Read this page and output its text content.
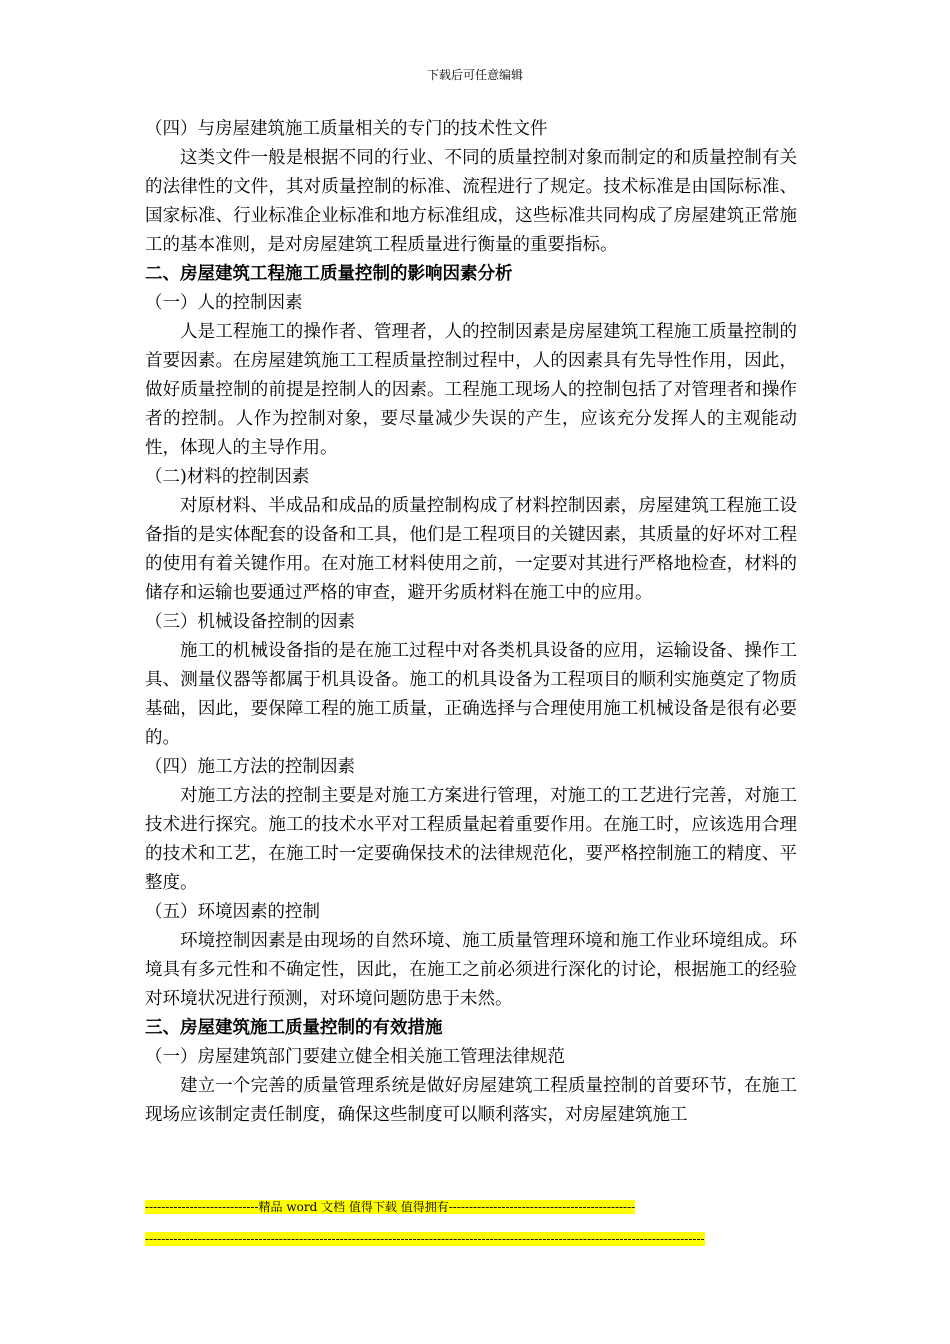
下载后可任意编辑

（四）与房屋建筑施工质量相关的专门的技术性文件

这类文件一般是根据不同的行业、不同的质量控制对象而制定的和质量控制有关的法律性的文件，其对质量控制的标准、流程进行了规定。技术标准是由国际标准、国家标准、行业标准企业标准和地方标准组成，这些标准共同构成了房屋建筑正常施工的基本准则，是对房屋建筑工程质量进行衡量的重要指标。

二、房屋建筑工程施工质量控制的影响因素分析

（一）人的控制因素

人是工程施工的操作者、管理者，人的控制因素是房屋建筑工程施工质量控制的首要因素。在房屋建筑施工工程质量控制过程中，人的因素具有先导性作用，因此，做好质量控制的前提是控制人的因素。工程施工现场人的控制包括了对管理者和操作者的控制。人作为控制对象，要尽量减少失误的产生，应该充分发挥人的主观能动性，体现人的主导作用。

（二)材料的控制因素

对原材料、半成品和成品的质量控制构成了材料控制因素，房屋建筑工程施工设备指的是实体配套的设备和工具，他们是工程项目的关键因素，其质量的好坏对工程的使用有着关键作用。在对施工材料使用之前，一定要对其进行严格地检查，材料的储存和运输也要通过严格的审查，避开劣质材料在施工中的应用。

（三）机械设备控制的因素

施工的机械设备指的是在施工过程中对各类机具设备的应用，运输设备、操作工具、测量仪器等都属于机具设备。施工的机具设备为工程项目的顺利实施奠定了物质基础，因此，要保障工程的施工质量，正确选择与合理使用施工机械设备是很有必要的。

（四）施工方法的控制因素

对施工方法的控制主要是对施工方案进行管理，对施工的工艺进行完善，对施工技术进行探究。施工的技术水平对工程质量起着重要作用。在施工时，应该选用合理的技术和工艺，在施工时一定要确保技术的法律规范化，要严格控制施工的精度、平整度。

（五）环境因素的控制

环境控制因素是由现场的自然环境、施工质量管理环境和施工作业环境组成。环境具有多元性和不确定性，因此，在施工之前必须进行深化的讨论，根据施工的经验对环境状况进行预测，对环境问题防患于未然。

三、房屋建筑施工质量控制的有效措施

（一）房屋建筑部门要建立健全相关施工管理法律规范

建立一个完善的质量管理系统是做好房屋建筑工程质量控制的首要环节，在施工现场应该制定责任制度，确保这些制度可以顺利落实，对房屋建筑施工

----------------------------精品 word 文档 值得下载 值得拥有----------------------------------------------
------------------------------------------------------------------------------------------------------------------------------------------
